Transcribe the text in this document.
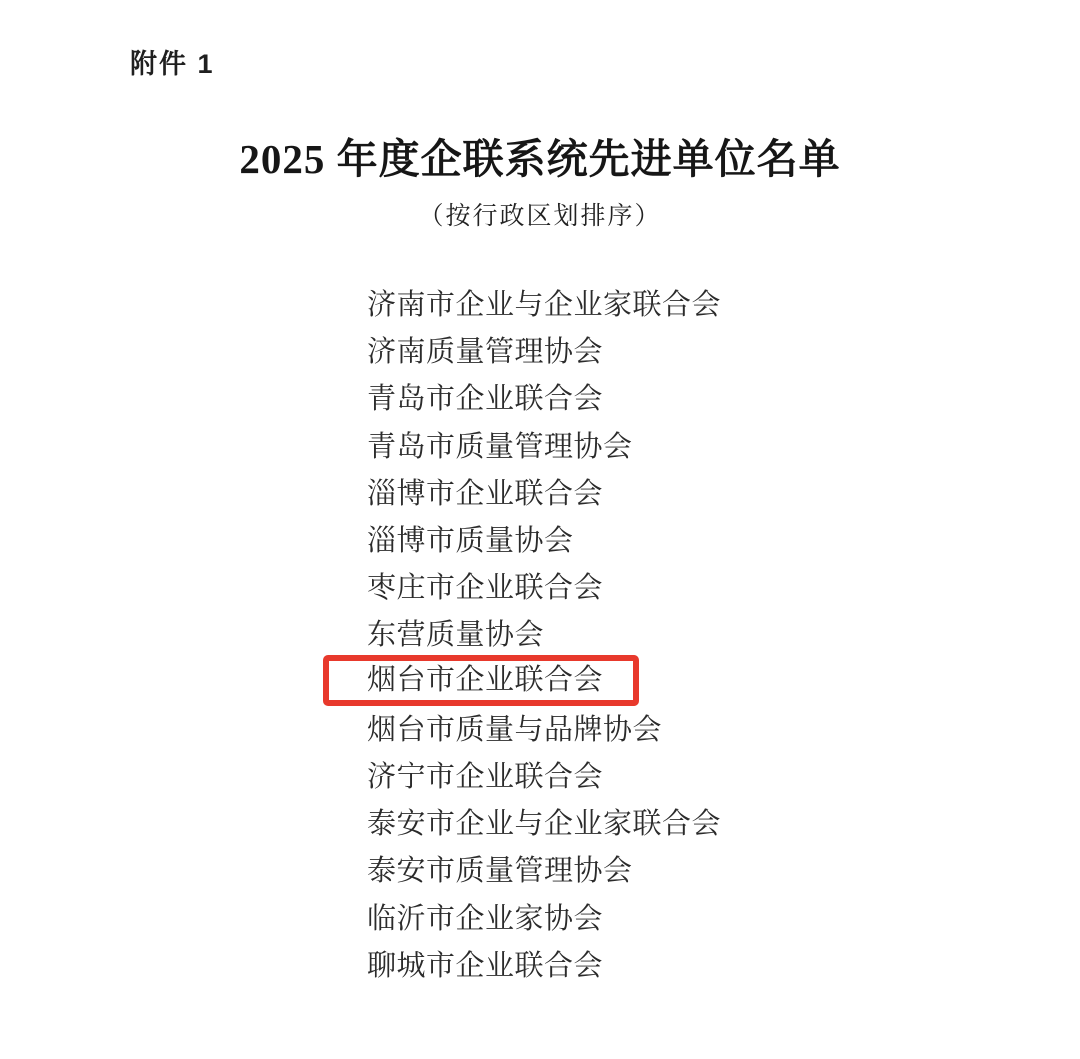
附件 1
2025 年度企联系统先进单位名单
（按行政区划排序）
济南市企业与企业家联合会
济南质量管理协会
青岛市企业联合会
青岛市质量管理协会
淄博市企业联合会
淄博市质量协会
枣庄市企业联合会
东营质量协会
烟台市企业联合会
烟台市质量与品牌协会
济宁市企业联合会
泰安市企业与企业家联合会
泰安市质量管理协会
临沂市企业家协会
聊城市企业联合会
